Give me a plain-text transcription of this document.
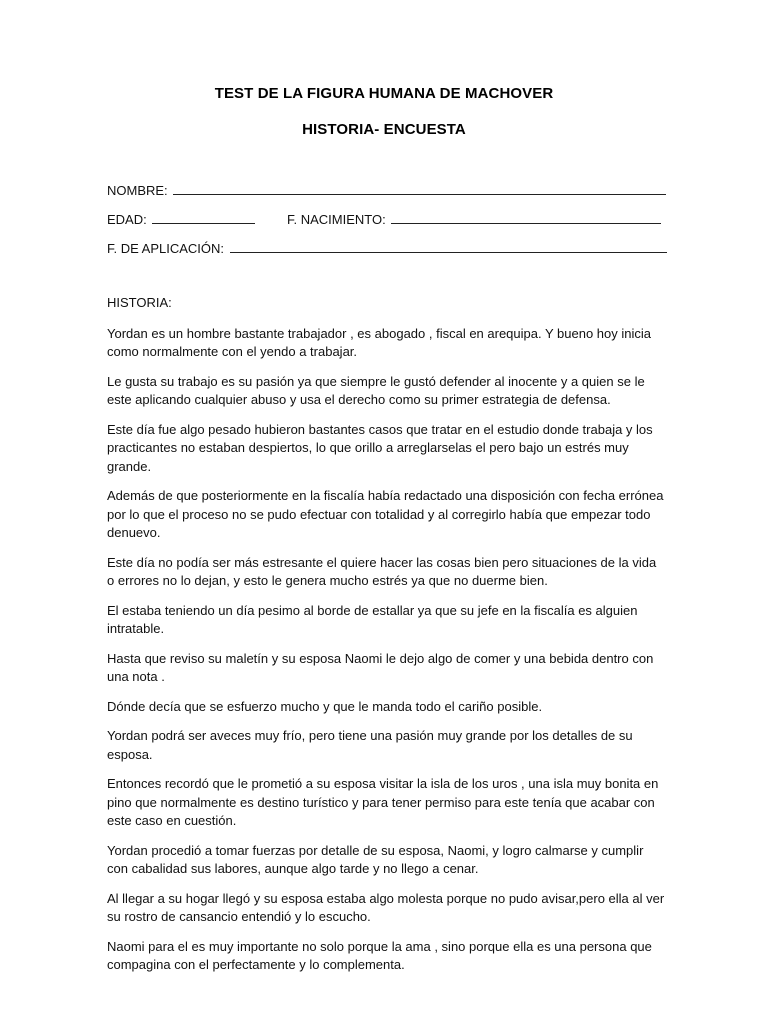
TEST DE LA FIGURA HUMANA DE MACHOVER
HISTORIA- ENCUESTA
NOMBRE:
EDAD:	F. NACIMIENTO:
F. DE APLICACIÓN:

HISTORIA:

Yordan es un hombre bastante trabajador , es abogado , fiscal en arequipa. Y bueno hoy inicia como normalmente con el yendo a trabajar.

Le gusta su trabajo es su pasión ya que siempre le gustó defender al inocente y a quien se le este aplicando cualquier abuso y usa el derecho como su primer estrategia de defensa.

Este día fue algo pesado hubieron bastantes casos que tratar en el estudio donde trabaja y los practicantes no estaban despiertos, lo que orillo a arreglarselas el pero bajo un estrés muy grande.

Además de que posteriormente en la fiscalía había redactado una disposición con fecha errónea por lo que el proceso no se pudo efectuar con totalidad y al corregirlo había que empezar todo denuevo.

Este día no podía ser más estresante el quiere hacer las cosas bien pero situaciones de la vida o errores no lo dejan, y esto le genera mucho estrés ya que no duerme bien.

El estaba teniendo un día pesimo al borde de estallar ya que su jefe en la fiscalía es alguien intratable.

Hasta que reviso su maletín y su esposa Naomi le dejo algo de comer y una bebida dentro con una nota .

Dónde decía que se esfuerzo mucho y que le manda todo el cariño posible.

Yordan podrá ser aveces muy frío, pero tiene una pasión muy grande por los detalles de su esposa.

Entonces recordó que le prometió a su esposa visitar la isla de los uros , una isla muy bonita en pino que normalmente es destino turístico y para tener permiso para este tenía que acabar con este caso en cuestión.

Yordan procedió a tomar fuerzas por detalle de su esposa, Naomi, y logro calmarse y cumplir con cabalidad sus labores, aunque algo tarde y no llego a cenar.

Al llegar a su hogar llegó y su esposa estaba algo molesta porque no pudo avisar,pero ella al ver su rostro de cansancio entendió y lo escucho.

Naomi para el es muy importante no solo porque la ama , sino porque ella es una persona que compagina con el perfectamente y lo complementa.
